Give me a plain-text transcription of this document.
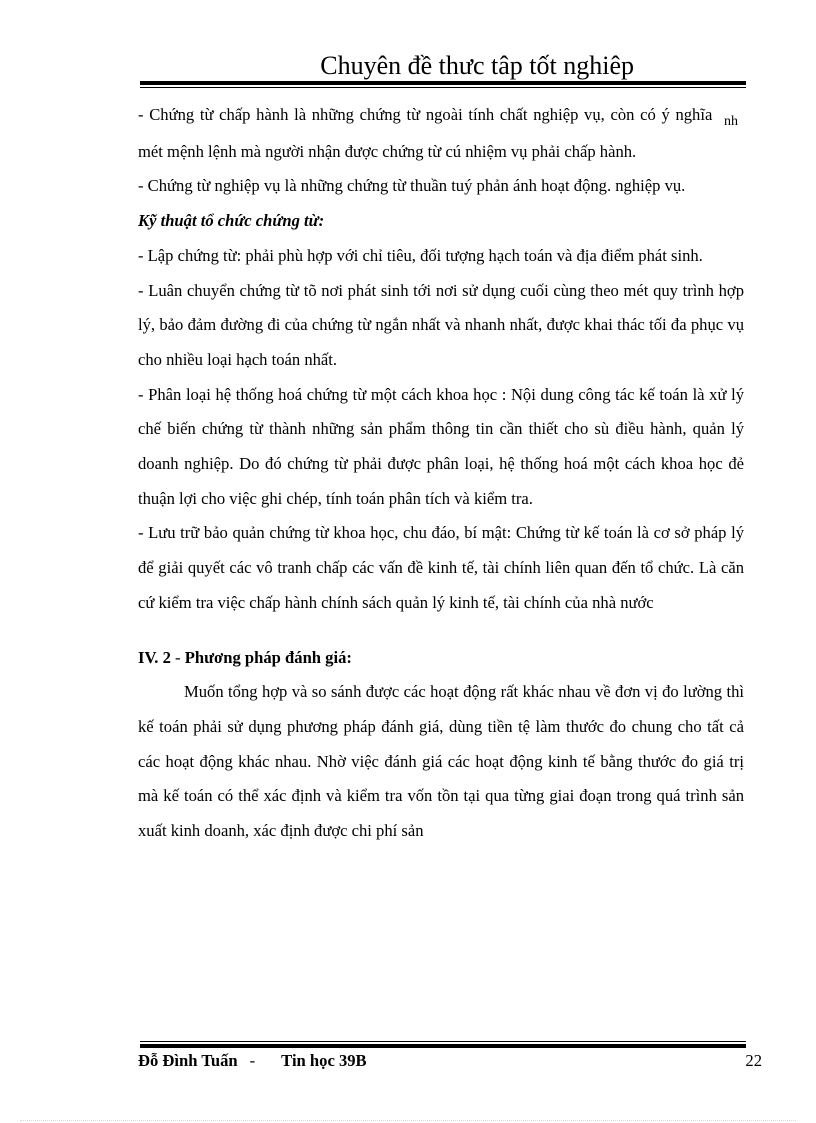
Chuyên đề thưc tâp tốt nghiêp

- Chứng từ chấp hành là những chứng từ ngoài tính chất nghiệp vụ, còn có ý nghĩa $_{nh}$ mét mệnh lệnh mà người nhận được chứng từ cú nhiệm vụ phải chấp hành.

- Chứng từ nghiệp vụ là những chứng từ thuần tuý phản ánh hoạt động. nghiệp vụ.

Kỹ thuật tổ chức chứng từ:

- Lập chứng từ: phải phù hợp với chỉ tiêu, đối tượng hạch toán và địa điểm phát sinh.

- Luân chuyển chứng từ tõ nơi phát sinh tới nơi sử dụng cuối cùng theo mét quy trình hợp lý, bảo đảm đường đi của chứng từ ngắn nhất và nhanh nhất, được khai thác tối đa phục vụ cho nhiều loại hạch toán nhất.

- Phân loại hệ thống hoá chứng từ một cách khoa học : Nội dung công tác kế toán là xử lý chế biến chứng từ thành những sản phẩm thông tin cần thiết cho sù điều hành, quản lý doanh nghiệp. Do đó chứng từ phải được phân loại, hệ thống hoá một cách khoa học đẻ thuận lợi cho việc ghi chép, tính toán phân tích và kiểm tra.

- Lưu trữ bảo quản chứng từ khoa học, chu đáo, bí mật: Chứng từ kế toán là cơ sở pháp lý để giải quyết các vô tranh chấp các vấn đề kinh tế, tài chính liên quan đến tổ chức. Là căn cứ kiểm tra việc chấp hành chính sách quản lý kinh tế, tài chính của nhà nước

IV. 2 - Phương pháp đánh giá:

Muốn tổng hợp và so sánh được các hoạt động rất khác nhau về đơn vị đo lường thì kế toán phải sử dụng phương pháp đánh giá, dùng tiền tệ làm thước đo chung cho tất cả các hoạt động khác nhau. Nhờ việc đánh giá các hoạt động kinh tế bằng thước đo giá trị mà kế toán có thể xác định và kiểm tra vốn tồn tại qua từng giai đoạn trong quá trình sản xuất kinh doanh, xác định được chi phí sản

Đỗ Đình Tuấn - Tin học 39B	22
